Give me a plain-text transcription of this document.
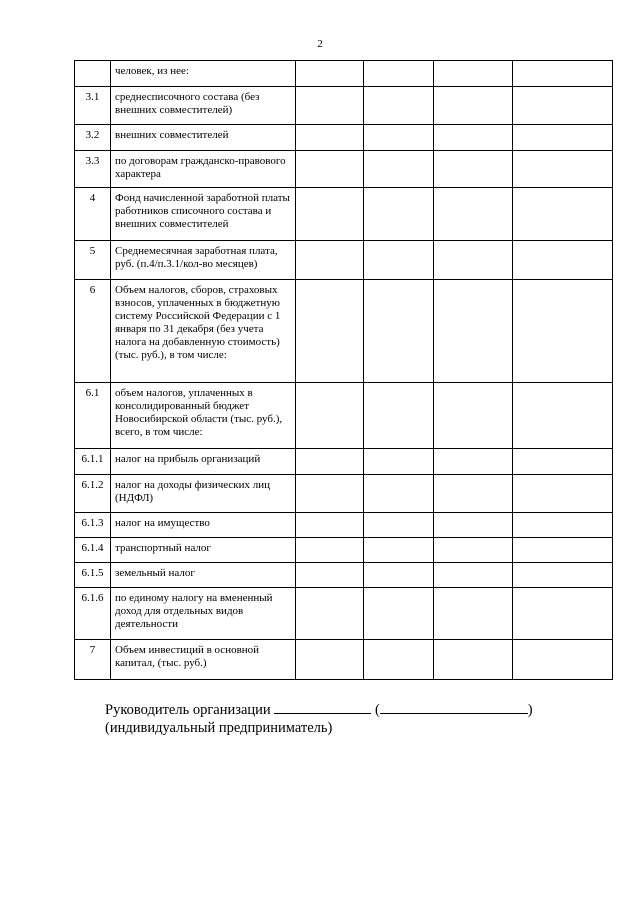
2
	человек, из нее:				
3.1	среднесписочного состава (без внешних совместителей)				
3.2	внешних совместителей				
3.3	по договорам гражданско-правового характера				
4	Фонд начисленной заработной платы работников списочного состава и внешних совместителей				
5	Среднемесячная заработная плата, руб. (п.4/п.3.1/кол-во месяцев)				
6	Объем налогов, сборов, страховых взносов, уплаченных в бюджетную систему Российской Федерации с 1 января по 31 декабря (без учета налога на добавленную стоимость) (тыс. руб.), в том числе:				
6.1	объем налогов, уплаченных в консолидированный бюджет Новосибирской области (тыс. руб.), всего, в том числе:				
6.1.1	налог на прибыль организаций				
6.1.2	налог на доходы физических лиц (НДФЛ)				
6.1.3	налог на имущество				
6.1.4	транспортный налог				
6.1.5	земельный налог				
6.1.6	по единому налогу на вмененный доход для отдельных видов деятельности				
7	Объем инвестиций в основной капитал, (тыс. руб.)				
Руководитель организации	(	)
(индивидуальный предприниматель)
